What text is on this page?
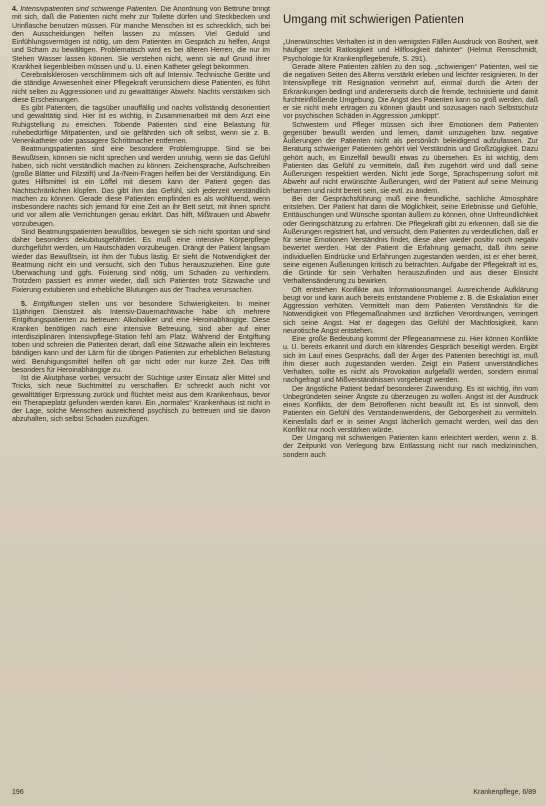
4. Intensivpatienten sind schwierige Patienten. Die Anordnung von Bettruhe bringt mit sich, daß die Patienten nicht mehr zur Toilette dürfen und Steckbecken und Urinflasche benutzen müssen. Für manche Menschen ist es schrecklich, sich bei den Ausscheidungen helfen lassen zu müssen. Viel Geduld und Einfühlungsvermögen ist nötig, um dem Patienten im Gespräch zu helfen, Angst und Scham zu bewältigen. Problematisch wird es bei älteren Herren, die nur im Stehen Wasser lassen können. Sie verstehen nicht, wenn sie auf Grund ihrer Krankheit liegenbleiben müssen und u. U. einen Katheter gelegt bekommen.

Cerebralsklerosen verschlimmern sich oft auf Intensiv. Technische Geräte und die ständige Anwesenheit einer Pflegekraft verunsichern diese Patienten, es führt nicht selten zu Aggressionen und zu gewalttätiger Abwehr. Nachts verstärken sich diese Erscheinungen.

Es gibt Patienten, die tagsüber unauffällig und nachts vollständig desorientiert und gewalttätig sind. Hier ist es wichtig, in Zusammenarbeit mit dem Arzt eine Ruhigstellung zu erreichen. Tobende Patienten sind eine Belastung für ruhebedürftige Mitpatienten, und sie gefährden sich oft selbst, wenn sie z. B. Venenkatheter oder passagere Schrittmacher entfernen.

Beatmungspatienten sind eine besondere Problemgruppe. Sind sie bei Bewußtsein, können sie nicht sprechen und werden unruhig, wenn sie das Gefühl haben, sich nicht verständlich machen zu können. Zeichensprache, Aufschreiben (große Blätter und Filzstift) und Ja-/Nein-Fragen helfen bei der Verständigung. Ein gutes Hilfsmittel ist ein Löffel mit diesem kann der Patient gegen das Nachtschränkchen klopfen. Das gibt ihm das Gefühl, sich jederzeit verständlich machen zu können. Gerade diese Patienten empfinden es als wohltuend, wenn insbesondere nachts sich jemand für eine Zeit an ihr Bett setzt, mit ihnen spricht und vor allem alle Verrichtungen genau erklärt. Das hilft, Mißtrauen und Abwehr vorzubeugen.

Sind Beatmungspatienten bewußtlos, bewegen sie sich nicht spontan und sind daher besonders dekubitusgefährdet. Es muß eine intensive Körperpflege durchgeführt werden, um Hautschäden vorzubeugen. Drängt der Patient langsam wieder das Bewußtsein, ist ihm der Tubus lästig. Er sieht die Notwendigkeit der Beatmung nicht ein und versucht, sich den Tubus herauszuziehen. Eine gute Überwachung und ggfs. Fixierung sind nötig, um Schaden zu verhindern. Trotzdem passiert es immer wieder, daß sich Patienten trotz Sitzwache und Fixierung extubieren und erhebliche Blutungen aus der Trachea verursachen.

5. Entgiftungen stellen uns vor besondere Schwierigkeiten. In meiner 11jährigen Dienstzeit als Intensiv-Dauernachtwache habe ich mehrere Entgiftungspatienten zu betreuen: Alkoholiker und eine Heroinabhängige. Diese Kranken benötigen nach eine intensive Betreuung, sind aber auf einer interdisziplinären Intensivpflege-Station fehl am Platz. Während der Entgiftung toben und schreien die Patienten derart, daß eine Sitzwache allein ein leichteres bändigen kann und der Lärm für die übrigen Patienten zur erheblichen Belastung wird. Beruhigungsmittel helfen oft gar nicht oder nur kurze Zeit. Das trifft besonders für Heroinabhängige zu.

Ist die Akutphase vorbei, versucht der Süchtige unter Einsatz aller Mittel und Tricks, sich neue Suchtmittel zu verschaffen. Er schreckt auch nicht vor gewalttätiger Erpressung zurück und flüchtet meist aus dem Krankenhaus, bevor ein Therapieplatz gefunden werden kann. Ein „normales“ Krankenhaus ist nicht in der Lage, solche Menschen ausreichend psychisch zu betreuen und sie davon abzuhalten, sich selbst Schaden zuzufügen.

Umgang mit schwierigen Patienten

„Unerwünschtes Verhalten ist in den wenigsten Fällen Ausdruck von Bosheit, weit häufiger steckt Ratlosigkeit und Hilflosigkeit dahinter“ (Helmut Remschmidt, Psychologie für Krankenpflegeberufe, S. 291).

Gerade ältere Patienten zählen zu den sog. „schwierigen“ Patienten, weil sie die negativen Seiten des Alterns verstärkt erleben und leichter resignieren. In der Intensivpflege tritt Resignation vermehrt auf, einmal durch die Arten der Erkrankungen bedingt und andererseits durch die fremde, technisierte und damit furchteinflößende Umgebung. Die Angst des Patienten kann so groß werden, daß er sie nicht mehr ertragen zu können glaubt und sozusagen nach Selbstschutz vor psychischen Schäden in Aggression „umkippt“.

Schwestern und Pfleger müssen sich ihrer Emotionen dem Patienten gegenüber bewußt werden und lernen, damit umzugehen bzw. negative Äußerungen der Patienten nicht als persönlich beleidigend aufzufassen. Zur Beratung schwieriger Patienten gehört viel Verständnis und Großzügigkeit. Dazu gehört auch, im Einzelfall bewußt etwas zu übersehen. Es ist wichtig, dem Patienten das Gefühl zu vermitteln, daß ihm zugehört wird und daß seine Äußerungen respektiert werden. Nicht jede Sorge, Sprachsperrung sofort mit Abwehr auf nicht erwünschte Äußerungen, wird der Patient auf seine Meinung beharren und nicht bereit sein, sie evtl. zu ändern.

Bei der Gesprächsführung muß eine freundliche, sachliche Atmosphäre entstehen. Der Patient hat dann die Möglichkeit, seine Erlebnisse und Gefühle, Enttäuschungen und Wünsche spontan äußern zu können, ohne Unfreundlichkeit oder Geringschätzung zu erfahren. Die Pflegekraft gibt zu erkennen, daß sie die Äußerungen registriert hat, und versucht, dem Patienten zu verdeutlichen, daß er für seine Emotionen Verständnis findet, diese aber wieder positiv noch negativ bewertet werden. Hat der Patient die Erfahrung gemacht, daß ihm seine individuellen Eindrücke und Erfahrungen zugestanden werden, ist er eher bereit, seine eigenen Äußerungen kritisch zu betrachten. Aufgabe der Pflegekraft ist es, die Gründe für sein Verhalten herauszufinden und aus dieser Einsicht Verhaltensänderung zu bewirken.

Oft entstehen Konflikte aus Informationsmangel. Ausreichende Aufklärung beugt vor und kann auch bereits entstandene Probleme z. B. die Eskalation einer Aggression verhüten. Vermittelt man dem Patienten Verständnis für die Notwendigkeit von Pflegemaßnahmen und ärztlichen Verordnungen, verringert sich seine Angst. Hat er dagegen das Gefühl der Machtlosigkeit, kann neurotische Angst entstehen.

Eine große Bedeutung kommt der Pflegeanamnese zu. Hier können Konflikte u. U. bereits erkannt und durch ein klärendes Gespräch beseitigt werden. Ergibt sich im Lauf eines Gesprächs, daß der Ärger des Patienten berechtigt ist, muß ihm dieser auch zugestanden werden. Zeigt ein Patient unverständliches Verhalten, sollte es nicht als Provokation aufgefaßt werden, sondern einmal nachgefragt und Mißverständnissen vorgebeugt werden.

Der ängstliche Patient bedarf besonderer Zuwendung. Es ist wichtig, ihn vom Unbegründeten seiner Ängste zu überzeugen zu wollen. Angst ist der Ausdruck eines Konflikts, der dem Betroffenen nicht bewußt ist. Es ist sinnvoll, dem Patienten ein Gefühl des Verstandenwerdens, der Geborgenheit zu vermitteln. Keinesfalls darf er in seiner Angst lächerlich gemacht werden, weil das den Konflikt nur noch verstärken würde.

Der Umgang mit schwierigen Patienten kann erleichtert werden, wenn z. B. der Zeitpunkt von Verlegung bzw. Entlassung nicht nur nach medizinischen, sondern auch

196	Krankenpflege, 6/89
